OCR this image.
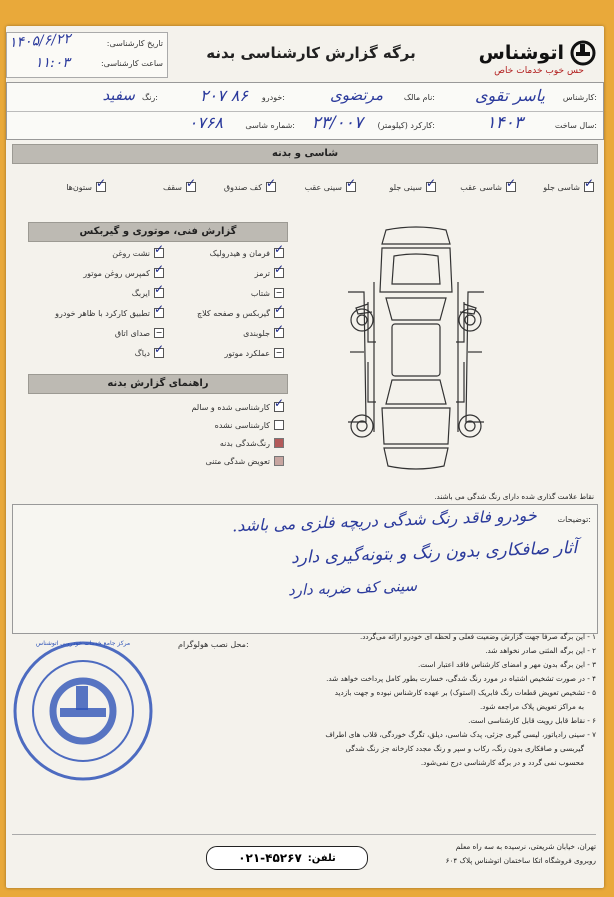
اتوشناس
حس خوب خدمات خاص
برگه گزارش کارشناسی بدنه
تاریخ کارشناسی:
۱۴۰۵/۶/۲۲
ساعت کارشناسی:
۱۱:۰۳
کارشناس:
یاسر تقوی
نام مالک:
مرتضوی
خودرو:
۲۰۷ ۸۶
رنگ:
سفید
سال ساخت:
۱۴۰۳
کارکرد (کیلومتر):
۲۳/۰۰۷
شماره شاسی:
۰۷۶۸
شاسی و بدنه
✓
شاسی جلو
✓
شاسی عقب
✓
سینی جلو
✓
سینی عقب
✓
کف صندوق
✓
سقف
✓
ستون‌ها
گزارش فنی، موتوری و گیربکس
✓
فرمان و هیدرولیک
✓
ترمز
−
شتاب
✓
گیربکس و صفحه کلاچ
✓
جلوبندی
−
عملکرد موتور
✓
نشت روغن
✓
کمپرس روغن موتور
✓
ایربگ
✓
تطبیق کارکرد با ظاهر خودرو
−
صدای اتاق
✓
دیاگ
راهنمای گزارش بدنه
✓
کارشناسی شده و سالم
کارشناسی نشده
رنگ‌شدگی بدنه
تعویض شدگی متنی
نقاط علامت گذاری شده دارای رنگ شدگی می باشند.
توضیحات:
خودرو فاقد رنگ شدگی دریچه فلزی می باشد.
آثار صافکاری بدون رنگ و بتونه‌گیری دارد
سینی کف ضربه دارد
محل نصب هولوگرام:
مرکز جامع خدمات خودرویی اتوشناس
۱ - این برگه صرفا جهت گزارش وضعیت فعلی و لحظه ای خودرو ارائه می‌گردد.
۲ - این برگه المثنی صادر نخواهد شد.
۳ - این برگه بدون مهر و امضای کارشناس فاقد اعتبار است.
۴ - در صورت تشخیص اشتباه در مورد رنگ شدگی، خسارت بطور کامل پرداخت خواهد شد.
۵ - تشخیص تعویض قطعات رنگ فابریک (استوک) بر عهده کارشناس نبوده و جهت بازدید
به مراکز تعویض پلاک مراجعه شود.
۶ - نقاط قابل رویت قابل کارشناسی است.
۷ - سینی رادیاتور، لیسی گیری جزئی، پدک شاسی، دیلق، تگرگ خوردگی، قلاب های اطراف
گیربسی و صافکاری بدون رنگ، رکاب و سپر و رنگ مجدد کارخانه جز رنگ شدگی
محسوب نمی گردد و در برگه کارشناسی درج نمی‌شود.
تلفن:
۰۲۱-۴۵۲۶۷
تهران، خیابان شریعتی، نرسیده به سه راه معلم
روبروی فروشگاه اتکا ساختمان اتوشناس پلاک ۶۰۴
